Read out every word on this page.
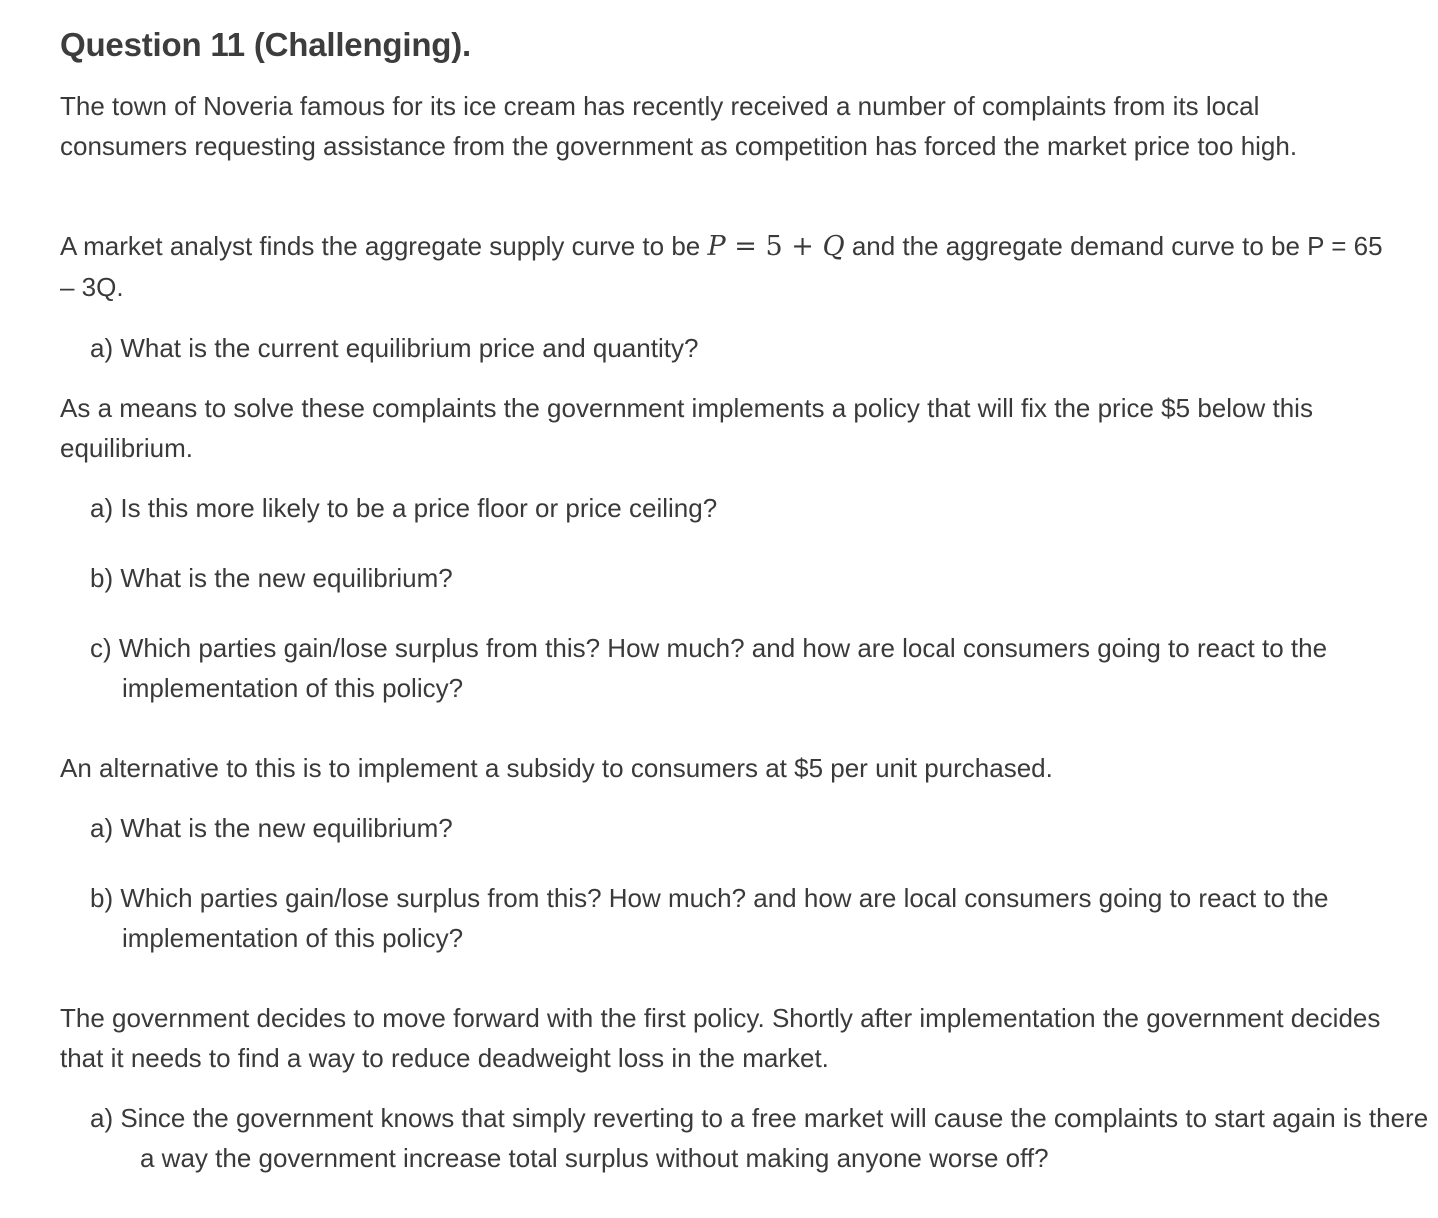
Question 11 (Challenging).

The town of Noveria famous for its ice cream has recently received a number of complaints from its local consumers requesting assistance from the government as competition has forced the market price too high.

A market analyst finds the aggregate supply curve to be P = 5 + Q and the aggregate demand curve to be P = 65 – 3Q.

a) What is the current equilibrium price and quantity?

As a means to solve these complaints the government implements a policy that will fix the price $5 below this equilibrium.

a) Is this more likely to be a price floor or price ceiling?

b) What is the new equilibrium?

c) Which parties gain/lose surplus from this? How much? and how are local consumers going to react to the implementation of this policy?

An alternative to this is to implement a subsidy to consumers at $5 per unit purchased.

a) What is the new equilibrium?

b) Which parties gain/lose surplus from this? How much? and how are local consumers going to react to the implementation of this policy?

The government decides to move forward with the first policy. Shortly after implementation the government decides that it needs to find a way to reduce deadweight loss in the market.

a) Since the government knows that simply reverting to a free market will cause the complaints to start again is there a way the government increase total surplus without making anyone worse off?
